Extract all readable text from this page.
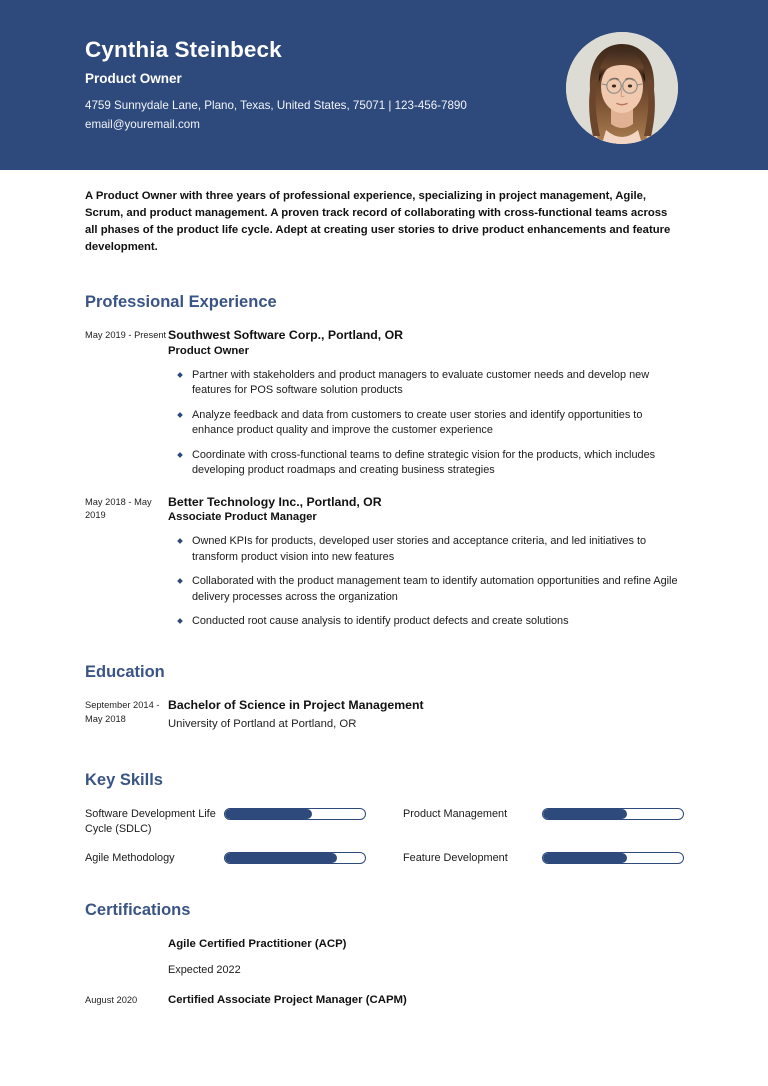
Cynthia Steinbeck
Product Owner
4759 Sunnydale Lane, Plano, Texas, United States, 75071 | 123-456-7890
email@youremail.com
A Product Owner with three years of professional experience, specializing in project management, Agile, Scrum, and product management. A proven track record of collaborating with cross-functional teams across all phases of the product life cycle. Adept at creating user stories to drive product enhancements and feature development.
Professional Experience
May 2019 - Present Southwest Software Corp., Portland, OR
Product Owner
Partner with stakeholders and product managers to evaluate customer needs and develop new features for POS software solution products
Analyze feedback and data from customers to create user stories and identify opportunities to enhance product quality and improve the customer experience
Coordinate with cross-functional teams to define strategic vision for the products, which includes developing product roadmaps and creating business strategies
May 2018 - May 2019
Better Technology Inc., Portland, OR
Associate Product Manager
Owned KPIs for products, developed user stories and acceptance criteria, and led initiatives to transform product vision into new features
Collaborated with the product management team to identify automation opportunities and refine Agile delivery processes across the organization
Conducted root cause analysis to identify product defects and create solutions
Education
September 2014 - May 2018
Bachelor of Science in Project Management
University of Portland at Portland, OR
Key Skills
Software Development Life Cycle (SDLC)
Product Management
Agile Methodology	Feature Development
Certifications
Agile Certified Practitioner (ACP)
Expected 2022
August 2020	Certified Associate Project Manager (CAPM)
